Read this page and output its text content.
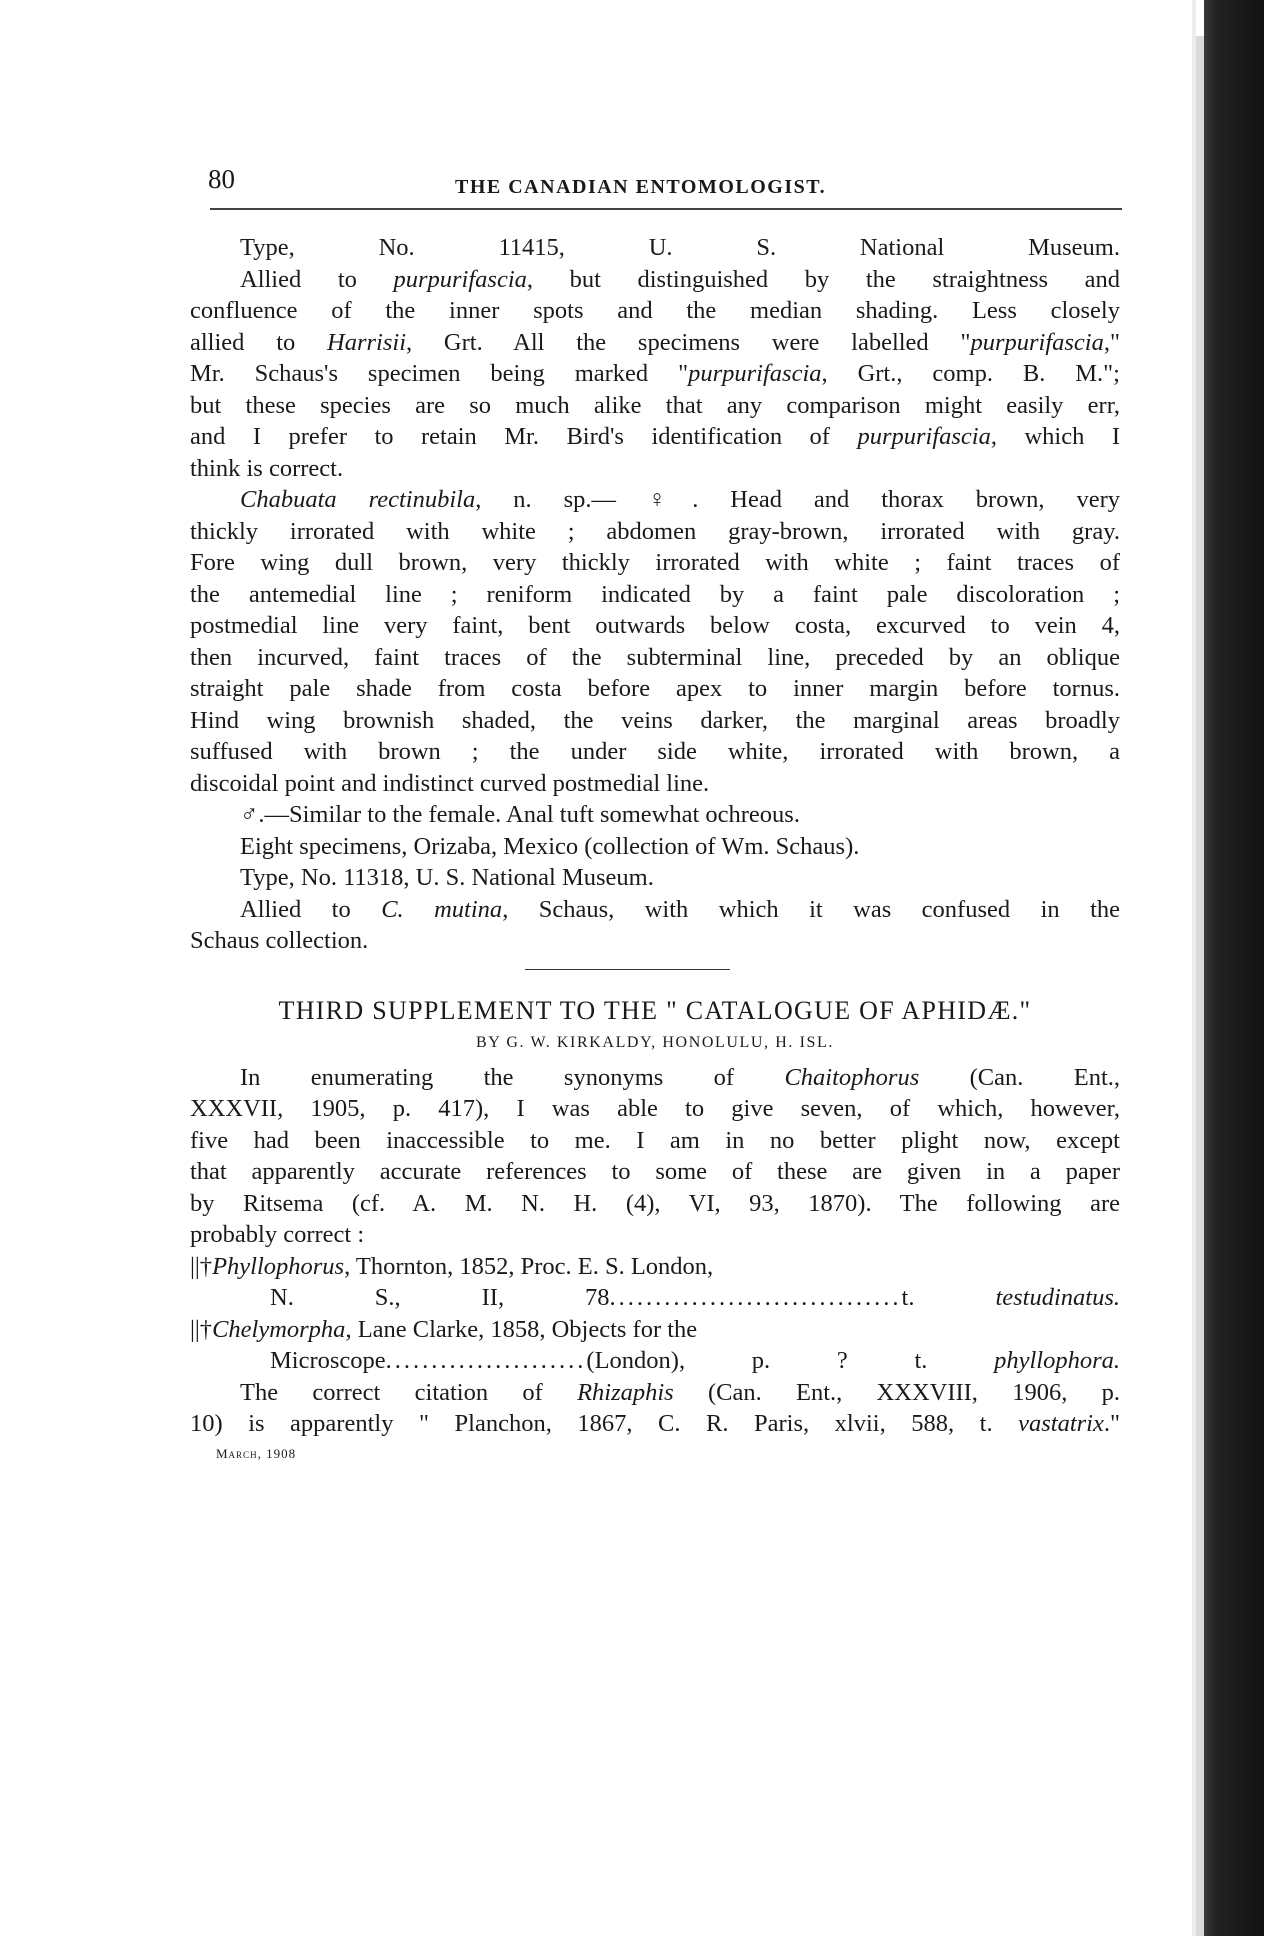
80	THE CANADIAN ENTOMOLOGIST.
Type, No. 11415, U. S. National Museum.
Allied to purpurifascia, but distinguished by the straightness and
confluence of the inner spots and the median shading. Less closely
allied to Harrisii, Grt. All the specimens were labelled "purpurifascia,"
Mr. Schaus's specimen being marked "purpurifascia, Grt., comp. B. M.";
but these species are so much alike that any comparison might easily err,
and I prefer to retain Mr. Bird's identification of purpurifascia, which I
think is correct.
Chabuata rectinubila, n. sp.— ♀. Head and thorax brown, very
thickly irrorated with white ; abdomen gray-brown, irrorated with gray.
Fore wing dull brown, very thickly irrorated with white ; faint traces of
the antemedial line ; reniform indicated by a faint pale discoloration ;
postmedial line very faint, bent outwards below costa, excurved to vein 4,
then incurved, faint traces of the subterminal line, preceded by an oblique
straight pale shade from costa before apex to inner margin before tornus.
Hind wing brownish shaded, the veins darker, the marginal areas broadly
suffused with brown ; the under side white, irrorated with brown, a
discoidal point and indistinct curved postmedial line.
♂.—Similar to the female. Anal tuft somewhat ochreous.
Eight specimens, Orizaba, Mexico (collection of Wm. Schaus).
Type, No. 11318, U. S. National Museum.
Allied to C. mutina, Schaus, with which it was confused in the
Schaus collection.
THIRD SUPPLEMENT TO THE " CATALOGUE OF APHIDÆ."
BY G. W. KIRKALDY, HONOLULU, H. ISL.
In enumerating the synonyms of Chaitophorus (Can. Ent.,
XXXVII, 1905, p. 417), I was able to give seven, of which, however,
five had been inaccessible to me. I am in no better plight now, except
that apparently accurate references to some of these are given in a paper
by Ritsema (cf. A. M. N. H. (4), VI, 93, 1870). The following are
probably correct :
||†Phyllophorus, Thornton, 1852, Proc. E. S. London,
N. S., II, 78................................t. testudinatus.
||†Chelymorpha, Lane Clarke, 1858, Objects for the
Microscope......................(London), p. ? t. phyllophora.
The correct citation of Rhizaphis (Can. Ent., XXXVIII, 1906, p.
10) is apparently " Planchon, 1867, C. R. Paris, xlvii, 588, t. vastatrix."
March, 1908
